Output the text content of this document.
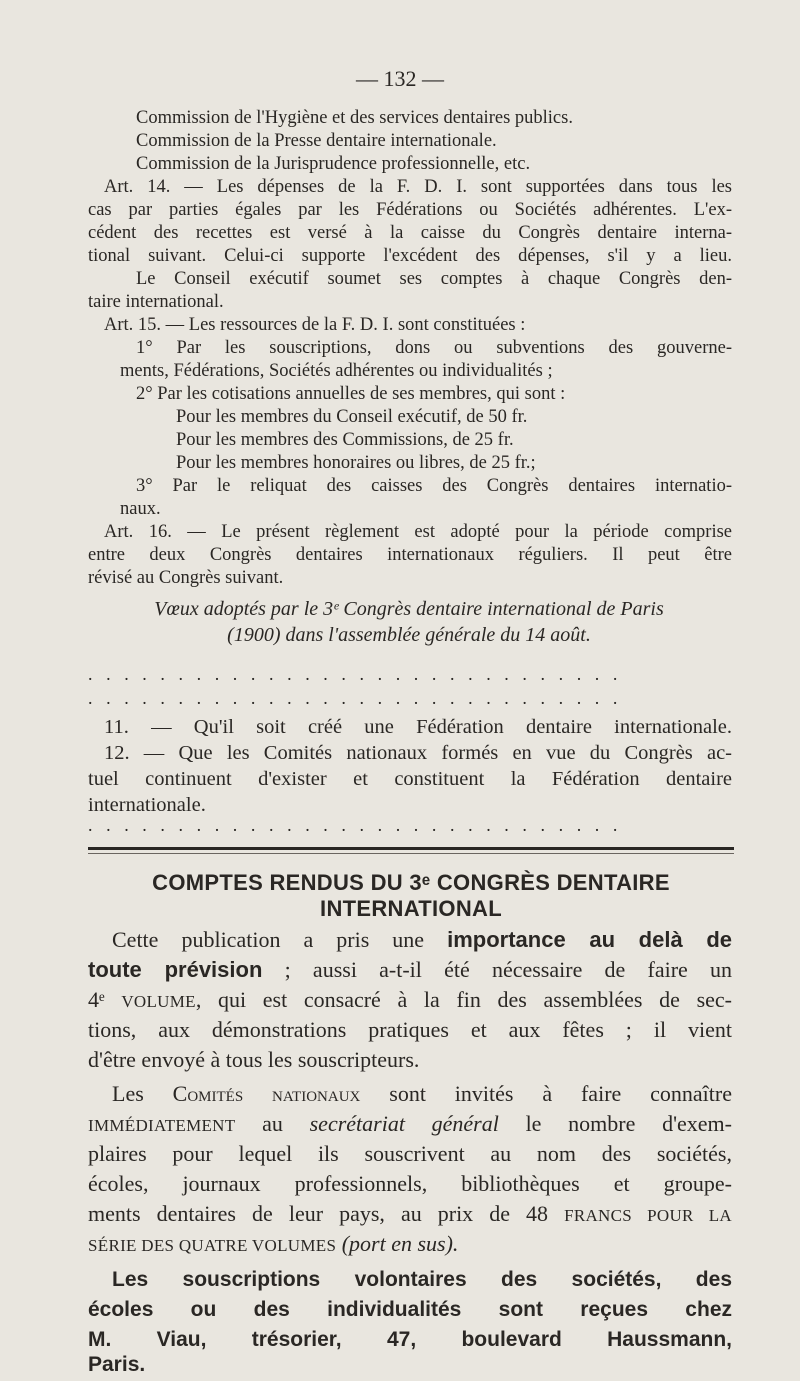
— 132 —
Commission de l'Hygiène et des services dentaires publics.
Commission de la Presse dentaire internationale.
Commission de la Jurisprudence professionnelle, etc.
Art. 14. — Les dépenses de la F. D. I. sont supportées dans tous les
cas par parties égales par les Fédérations ou Sociétés adhérentes. L'ex-
cédent des recettes est versé à la caisse du Congrès dentaire interna-
tional suivant. Celui-ci supporte l'excédent des dépenses, s'il y a lieu.
Le Conseil exécutif soumet ses comptes à chaque Congrès den-
taire international.
Art. 15. — Les ressources de la F. D. I. sont constituées :
1° Par les souscriptions, dons ou subventions des gouverne-
ments, Fédérations, Sociétés adhérentes ou individualités ;
2° Par les cotisations annuelles de ses membres, qui sont :
Pour les membres du Conseil exécutif, de 50 fr.
Pour les membres des Commissions, de 25 fr.
Pour les membres honoraires ou libres, de 25 fr.;
3° Par le reliquat des caisses des Congrès dentaires internatio-
naux.
Art. 16. — Le présent règlement est adopté pour la période comprise
entre deux Congrès dentaires internationaux réguliers. Il peut être
révisé au Congrès suivant.
Vœux adoptés par le 3ᵉ Congrès dentaire international de Paris
(1900) dans l'assemblée générale du 14 août.
..............................
..............................
11. — Qu'il soit créé une Fédération dentaire internationale.
12. — Que les Comités nationaux formés en vue du Congrès ac-
tuel continuent d'exister et constituent la Fédération dentaire
internationale.
..............................
COMPTES RENDUS DU 3ᵉ CONGRÈS DENTAIRE
INTERNATIONAL
Cette publication a pris une importance au delà de
toute prévision ; aussi a-t-il été nécessaire de faire un
4ᵉ VOLUME, qui est consacré à la fin des assemblées de sec-
tions, aux démonstrations pratiques et aux fêtes ; il vient
d'être envoyé à tous les souscripteurs.
Les Comités nationaux sont invités à faire connaître
IMMÉDIATEMENT au secrétariat général le nombre d'exem-
plaires pour lequel ils souscrivent au nom des sociétés,
écoles, journaux professionnels, bibliothèques et groupe-
ments dentaires de leur pays, au prix de 48 FRANCS POUR LA
SÉRIE DES QUATRE VOLUMES (port en sus).
Les souscriptions volontaires des sociétés, des
écoles ou des individualités sont reçues chez
M. Viau, trésorier, 47, boulevard Haussmann,
Paris.
